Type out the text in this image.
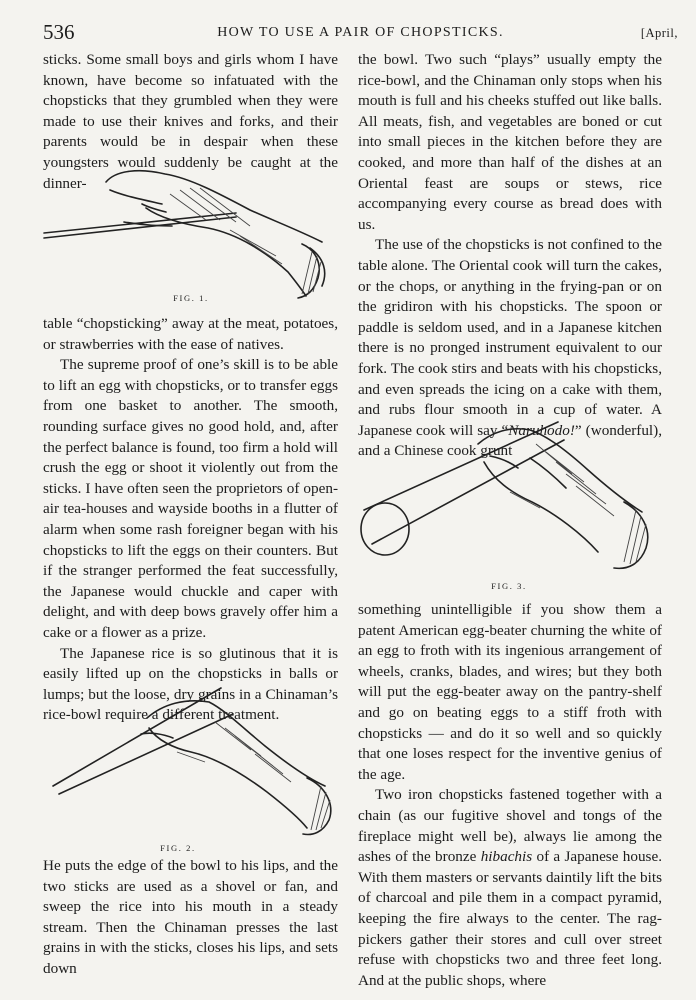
536	HOW TO USE A PAIR OF CHOPSTICKS.	[April,

sticks. Some small boys and girls whom I have known, have become so infatuated with the chopsticks that they grumbled when they were made to use their knives and forks, and their parents would be in despair when these youngsters would suddenly be caught at the dinner-

FIG. 1.

table “chopsticking” away at the meat, potatoes, or strawberries with the ease of natives.

The supreme proof of one’s skill is to be able to lift an egg with chopsticks, or to transfer eggs from one basket to another. The smooth, rounding surface gives no good hold, and, after the perfect balance is found, too firm a hold will crush the egg or shoot it violently out from the sticks. I have often seen the proprietors of open-air tea-houses and wayside booths in a flutter of alarm when some rash foreigner began with his chopsticks to lift the eggs on their counters. But if the stranger performed the feat successfully, the Japanese would chuckle and caper with delight, and with deep bows gravely offer him a cake or a flower as a prize.

The Japanese rice is so glutinous that it is easily lifted up on the chopsticks in balls or lumps; but the loose, dry grains in a Chinaman’s rice-bowl require a different treatment.

FIG. 2.

He puts the edge of the bowl to his lips, and the two sticks are used as a shovel or fan, and sweep the rice into his mouth in a steady stream. Then the Chinaman presses the last grains in with the sticks, closes his lips, and sets down

the bowl. Two such “plays” usually empty the rice-bowl, and the Chinaman only stops when his mouth is full and his cheeks stuffed out like balls. All meats, fish, and vegetables are boned or cut into small pieces in the kitchen before they are cooked, and more than half of the dishes at an Oriental feast are soups or stews, rice accompanying every course as bread does with us.

The use of the chopsticks is not confined to the table alone. The Oriental cook will turn the cakes, or the chops, or anything in the frying-pan or on the gridiron with his chopsticks. The spoon or paddle is seldom used, and in a Japanese kitchen there is no pronged instrument equivalent to our fork. The cook stirs and beats with his chopsticks, and even spreads the icing on a cake with them, and rubs flour smooth in a cup of water. A Japanese cook will say “Naruhodo!” (wonderful), and a Chinese cook grunt

FIG. 3.

something unintelligible if you show them a patent American egg-beater churning the white of an egg to froth with its ingenious arrangement of wheels, cranks, blades, and wires; but they both will put the egg-beater away on the pantry-shelf and go on beating eggs to a stiff froth with chopsticks — and do it so well and so quickly that one loses respect for the inventive genius of the age.

Two iron chopsticks fastened together with a chain (as our fugitive shovel and tongs of the fireplace might well be), always lie among the ashes of the bronze hibachis of a Japanese house. With them masters or servants daintily lift the bits of charcoal and pile them in a compact pyramid, keeping the fire always to the center. The rag-pickers gather their stores and cull over street refuse with chopsticks two and three feet long. And at the public shops, where
